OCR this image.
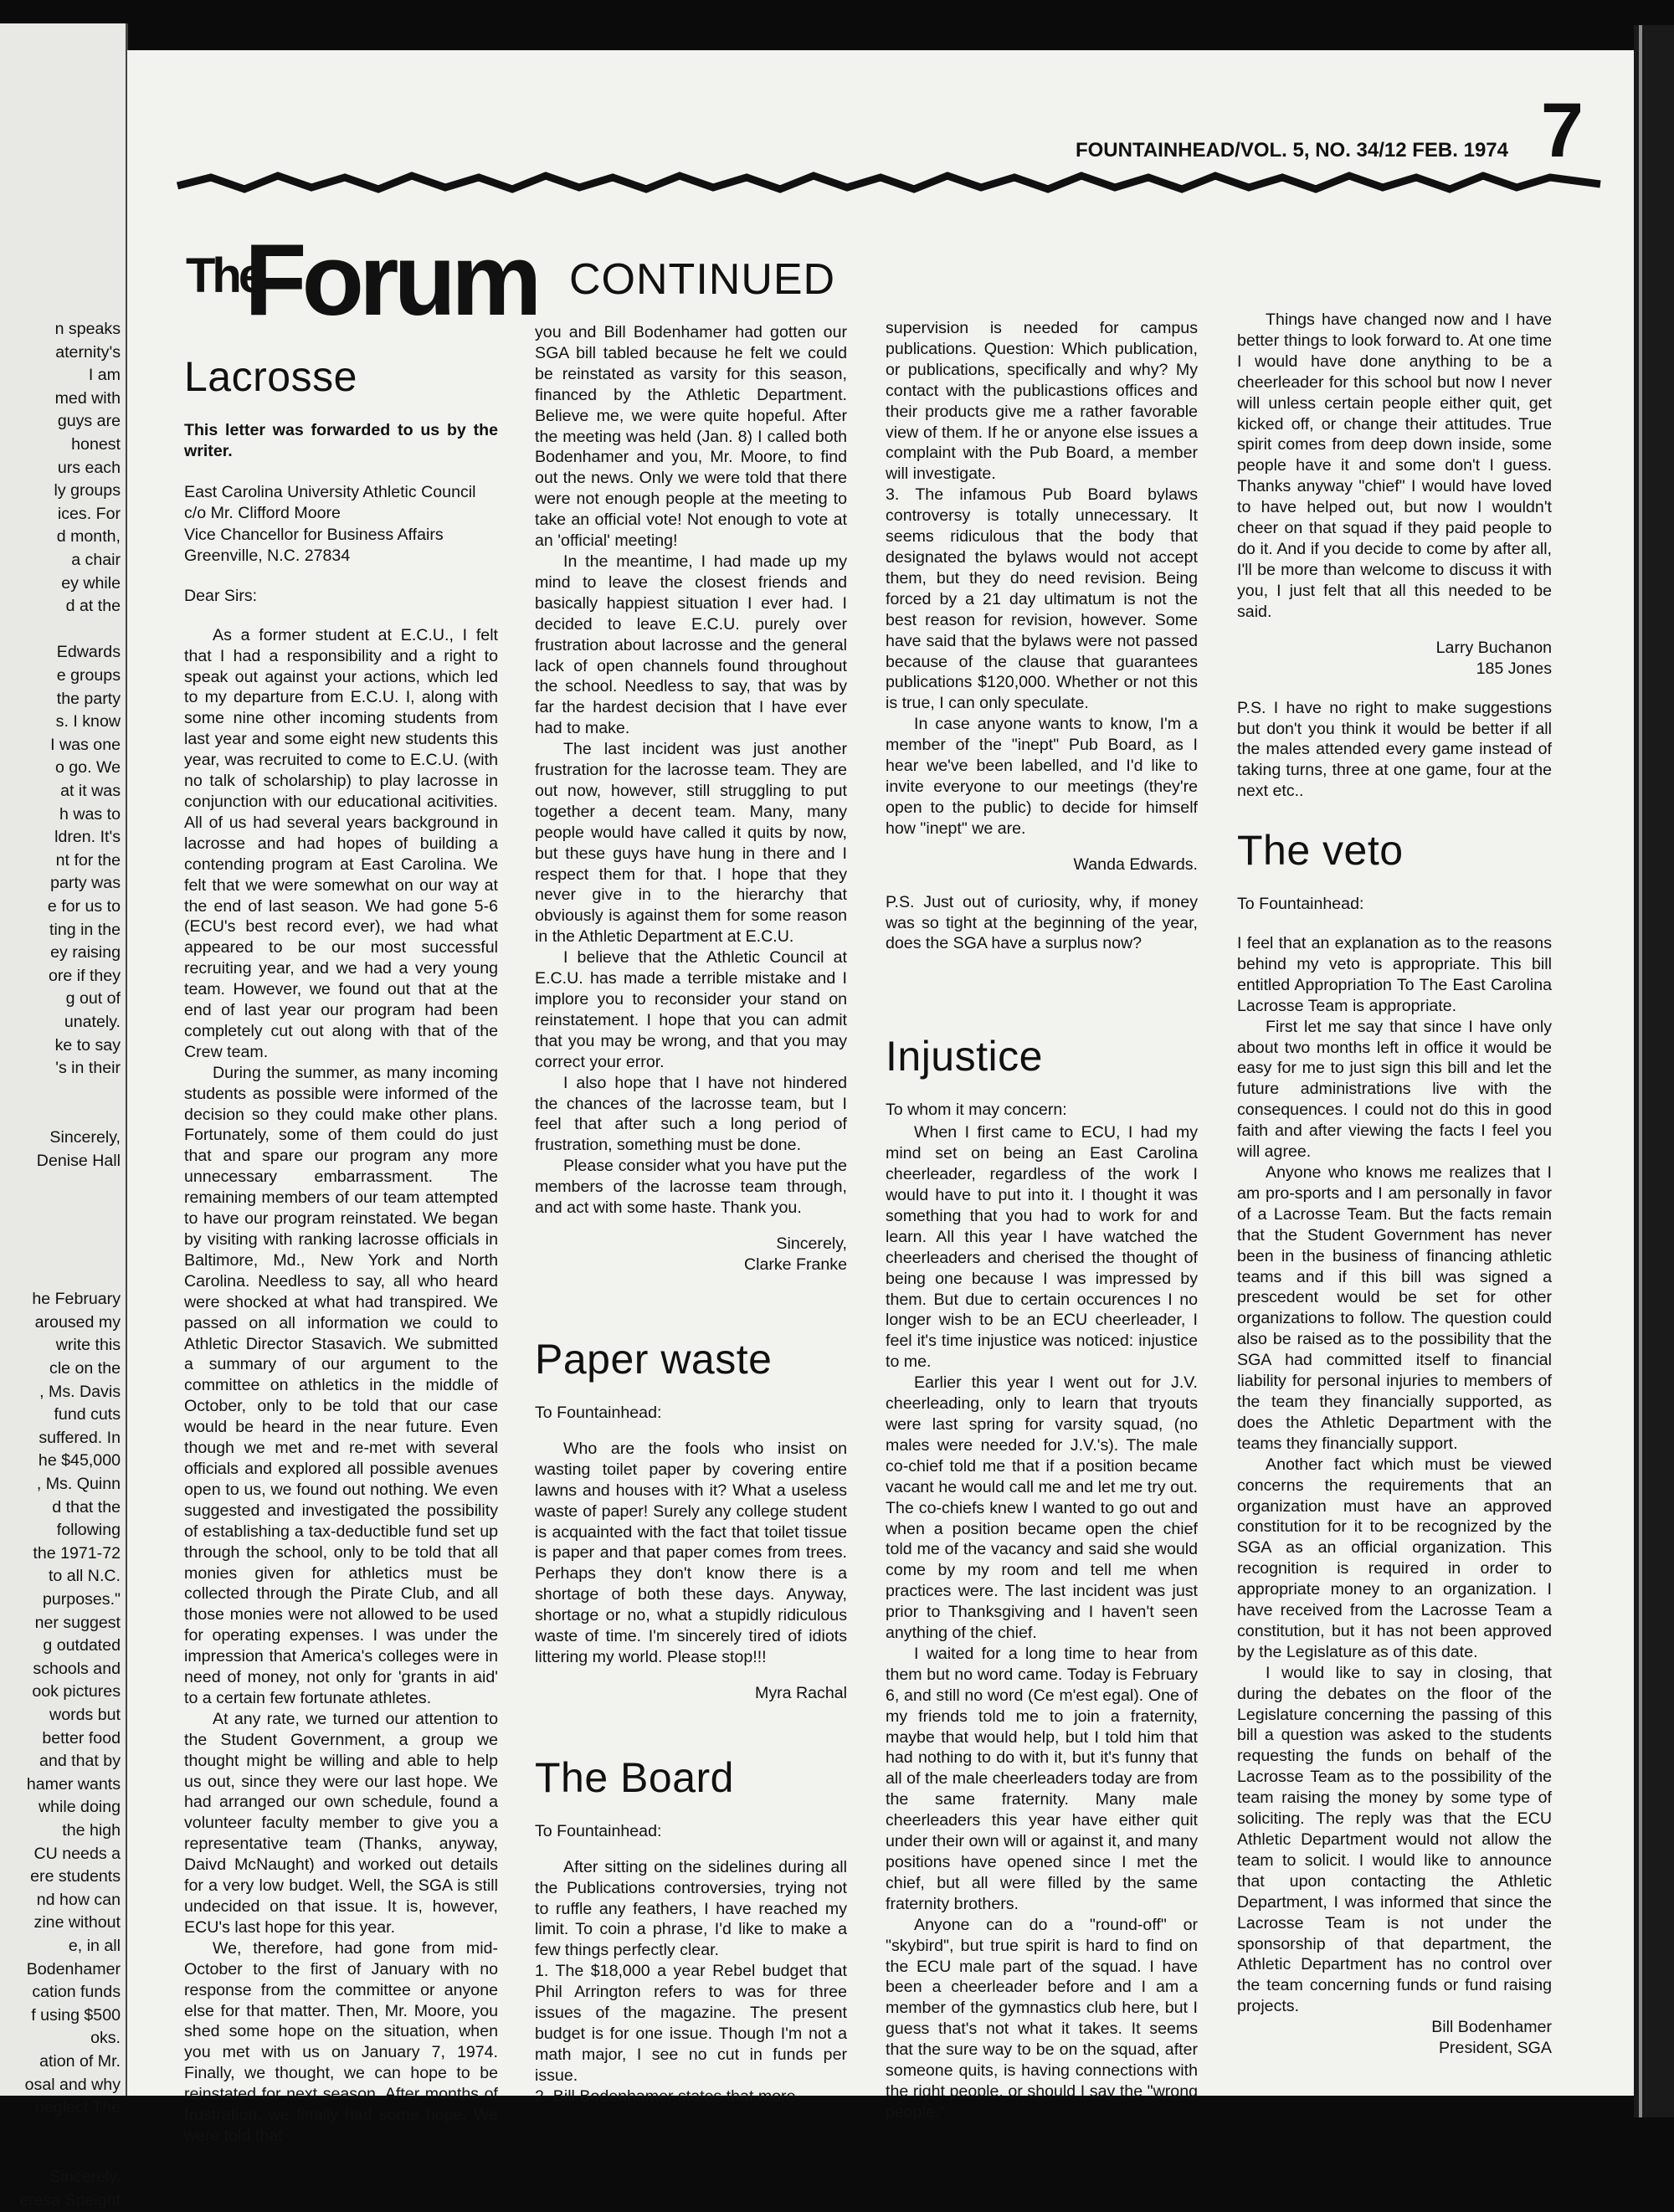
n speaks
aternity's
I am
med with
guys are
honest
urs each
ly groups
ices. For
d month,
a chair
ey while
d at the
Edwards
e groups
the party
s. I know
I was one
o go. We
at it was
h was to
ldren. It's
nt for the
party was
e for us to
ting in the
ey raising
ore if they
g out of
unately.
ke to say
's in their
Sincerely,
Denise Hall
he February
aroused my
write this
cle on the
, Ms. Davis
fund cuts
suffered. In
he $45,000
, Ms. Quinn
d that the
following
the 1971-72
to all N.C.
purposes."
ner suggest
g outdated
schools and
ook pictures
words but
better food
and that by
hamer wants
while doing
the high
CU needs a
ere students
nd how can
zine without
e, in all
Bodenhamer
cation funds
f using $500
oks.
ation of Mr.
osal and why
neglect The
Sincerely,
eresa Speight
FOUNTAINHEAD/VOL. 5, NO. 34/12 FEB. 1974 7
The
Forum CONTINUED
Lacrosse
This letter was forwarded to us by the writer.
East Carolina University Athletic Council
c/o Mr. Clifford Moore
Vice Chancellor for Business Affairs
Greenville, N.C. 27834
Dear Sirs:

As a former student at E.C.U., I felt that I had a responsibility and a right to speak out against your actions, which led to my departure from E.C.U. I, along with some nine other incoming students from last year and some eight new students this year, was recruited to come to E.C.U. (with no talk of scholarship) to play lacrosse in conjunction with our educational acitivities. All of us had several years background in lacrosse and had hopes of building a contending program at East Carolina. We felt that we were somewhat on our way at the end of last season. We had gone 5-6 (ECU's best record ever), we had what appeared to be our most successful recruiting year, and we had a very young team. However, we found out that at the end of last year our program had been completely cut out along with that of the Crew team.

During the summer, as many incoming students as possible were informed of the decision so they could make other plans. Fortunately, some of them could do just that and spare our program any more unnecessary embarrassment. The remaining members of our team attempted to have our program reinstated. We began by visiting with ranking lacrosse officials in Baltimore, Md., New York and North Carolina. Needless to say, all who heard were shocked at what had transpired. We passed on all information we could to Athletic Director Stasavich. We submitted a summary of our argument to the committee on athletics in the middle of October, only to be told that our case would be heard in the near future. Even though we met and re-met with several officials and explored all possible avenues open to us, we found out nothing. We even suggested and investigated the possibility of establishing a tax-deductible fund set up through the school, only to be told that all monies given for athletics must be collected through the Pirate Club, and all those monies were not allowed to be used for operating expenses. I was under the impression that America's colleges were in need of money, not only for 'grants in aid' to a certain few fortunate athletes.

At any rate, we turned our attention to the Student Government, a group we thought might be willing and able to help us out, since they were our last hope. We had arranged our own schedule, found a volunteer faculty member to give you a representative team (Thanks, anyway, Daivd McNaught) and worked out details for a very low budget. Well, the SGA is still undecided on that issue. It is, however, ECU's last hope for this year.

We, therefore, had gone from mid-October to the first of January with no response from the committee or anyone else for that matter. Then, Mr. Moore, you shed some hope on the situation, when you met with us on January 7, 1974. Finally, we thought, we can hope to be reinstated for next season. After months of frustration, we finally had some hope. We were told that

you and Bill Bodenhamer had gotten our SGA bill tabled because he felt we could be reinstated as varsity for this season, financed by the Athletic Department. Believe me, we were quite hopeful. After the meeting was held (Jan. 8) I called both Bodenhamer and you, Mr. Moore, to find out the news. Only we were told that there were not enough people at the meeting to take an official vote! Not enough to vote at an 'official' meeting!

In the meantime, I had made up my mind to leave the closest friends and basically happiest situation I ever had. I decided to leave E.C.U. purely over frustration about lacrosse and the general lack of open channels found throughout the school. Needless to say, that was by far the hardest decision that I have ever had to make.

The last incident was just another frustration for the lacrosse team. They are out now, however, still struggling to put together a decent team. Many, many people would have called it quits by now, but these guys have hung in there and I respect them for that. I hope that they never give in to the hierarchy that obviously is against them for some reason in the Athletic Department at E.C.U.

I believe that the Athletic Council at E.C.U. has made a terrible mistake and I implore you to reconsider your stand on reinstatement. I hope that you can admit that you may be wrong, and that you may correct your error.

I also hope that I have not hindered the chances of the lacrosse team, but I feel that after such a long period of frustration, something must be done.

Please consider what you have put the members of the lacrosse team through, and act with some haste. Thank you.

Sincerely,
Clarke Franke
Paper waste
To Fountainhead:

Who are the fools who insist on wasting toilet paper by covering entire lawns and houses with it? What a useless waste of paper! Surely any college student is acquainted with the fact that toilet tissue is paper and that paper comes from trees. Perhaps they don't know there is a shortage of both these days. Anyway, shortage or no, what a stupidly ridiculous waste of time. I'm sincerely tired of idiots littering my world. Please stop!!!

Myra Rachal
The Board
To Fountainhead:

After sitting on the sidelines during all the Publications controversies, trying not to ruffle any feathers, I have reached my limit. To coin a phrase, I'd like to make a few things perfectly clear.

1. The $18,000 a year Rebel budget that Phil Arrington refers to was for three issues of the magazine. The present budget is for one issue. Though I'm not a math major, I see no cut in funds per issue.

2. Bill Bodenhamer states that more

supervision is needed for campus publications. Question: Which publication, or publications, specifically and why? My contact with the publicastions offices and their products give me a rather favorable view of them. If he or anyone else issues a complaint with the Pub Board, a member will investigate.

3. The infamous Pub Board bylaws controversy is totally unnecessary. It seems ridiculous that the body that designated the bylaws would not accept them, but they do need revision. Being forced by a 21 day ultimatum is not the best reason for revision, however. Some have said that the bylaws were not passed because of the clause that guarantees publications $120,000. Whether or not this is true, I can only speculate.

In case anyone wants to know, I'm a member of the "inept" Pub Board, as I hear we've been labelled, and I'd like to invite everyone to our meetings (they're open to the public) to decide for himself how "inept" we are.

Wanda Edwards.

P.S. Just out of curiosity, why, if money was so tight at the beginning of the year, does the SGA have a surplus now?

Injustice
To whom it may concern:

When I first came to ECU, I had my mind set on being an East Carolina cheerleader, regardless of the work I would have to put into it. I thought it was something that you had to work for and learn. All this year I have watched the cheerleaders and cherised the thought of being one because I was impressed by them. But due to certain occurences I no longer wish to be an ECU cheerleader, I feel it's time injustice was noticed: injustice to me.

Earlier this year I went out for J.V. cheerleading, only to learn that tryouts were last spring for varsity squad, (no males were needed for J.V.'s). The male co-chief told me that if a position became vacant he would call me and let me try out. The co-chiefs knew I wanted to go out and when a position became open the chief told me of the vacancy and said she would come by my room and tell me when practices were. The last incident was just prior to Thanksgiving and I haven't seen anything of the chief.

I waited for a long time to hear from them but no word came. Today is February 6, and still no word (Ce m'est egal). One of my friends told me to join a fraternity, maybe that would help, but I told him that had nothing to do with it, but it's funny that all of the male cheerleaders today are from the same fraternity. Many male cheerleaders this year have either quit under their own will or against it, and many positions have opened since I met the chief, but all were filled by the same fraternity brothers.

Anyone can do a "round-off" or "skybird", but true spirit is hard to find on the ECU male part of the squad. I have been a cheerleader before and I am a member of the gymnastics club here, but I guess that's not what it takes. It seems that the sure way to be on the squad, after someone quits, is having connections with the right people, or should I say the "wrong people."

Things have changed now and I have better things to look forward to. At one time I would have done anything to be a cheerleader for this school but now I never will unless certain people either quit, get kicked off, or change their attitudes. True spirit comes from deep down inside, some people have it and some don't I guess. Thanks anyway "chief" I would have loved to have helped out, but now I wouldn't cheer on that squad if they paid people to do it. And if you decide to come by after all, I'll be more than welcome to discuss it with you, I just felt that all this needed to be said.

Larry Buchanon
185 Jones

P.S. I have no right to make suggestions but don't you think it would be better if all the males attended every game instead of taking turns, three at one game, four at the next etc..

The veto
To Fountainhead:

I feel that an explanation as to the reasons behind my veto is appropriate. This bill entitled Appropriation To The East Carolina Lacrosse Team is appropriate.

First let me say that since I have only about two months left in office it would be easy for me to just sign this bill and let the future administrations live with the consequences. I could not do this in good faith and after viewing the facts I feel you will agree.

Anyone who knows me realizes that I am pro-sports and I am personally in favor of a Lacrosse Team. But the facts remain that the Student Government has never been in the business of financing athletic teams and if this bill was signed a prescedent would be set for other organizations to follow. The question could also be raised as to the possibility that the SGA had committed itself to financial liability for personal injuries to members of the team they financially supported, as does the Athletic Department with the teams they financially support.

Another fact which must be viewed concerns the requirements that an organization must have an approved constitution for it to be recognized by the SGA as an official organization. This recognition is required in order to appropriate money to an organization. I have received from the Lacrosse Team a constitution, but it has not been approved by the Legislature as of this date.

I would like to say in closing, that during the debates on the floor of the Legislature concerning the passing of this bill a question was asked to the students requesting the funds on behalf of the Lacrosse Team as to the possibility of the team raising the money by some type of soliciting. The reply was that the ECU Athletic Department would not allow the team to solicit. I would like to announce that upon contacting the Athletic Department, I was informed that since the Lacrosse Team is not under the sponsorship of that department, the Athletic Department has no control over the team concerning funds or fund raising projects.

Bill Bodenhamer
President, SGA
